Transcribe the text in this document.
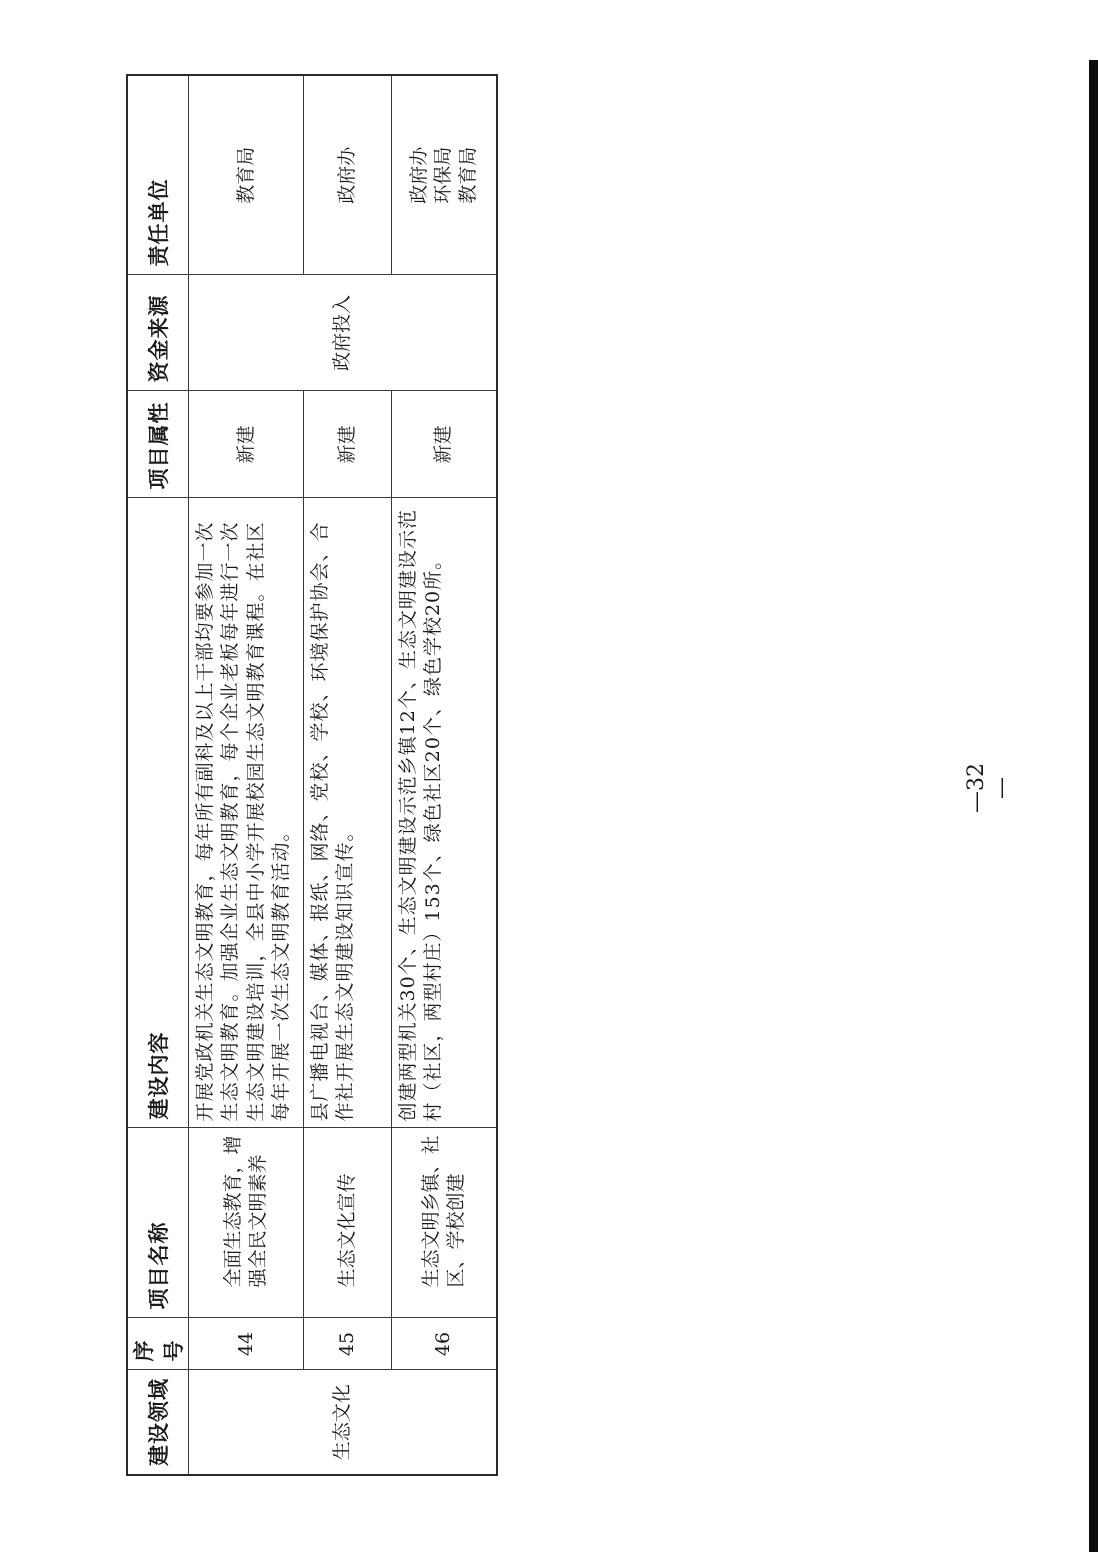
建设领域	序号	项目名称	建设内容	项目属性	资金来源	责任单位
生态文化	44	全面生态教育，增强全民文明素养	开展党政机关生态文明教育，每年所有副科及以上干部均要参加一次生态文明教育。加强企业生态文明教育，每个企业老板每年进行一次生态文明建设培训，全县中小学开展校园生态文明教育课程。在社区每年开展一次生态文明教育活动。	新建	政府投入	教育局

	45	生态文化宣传	县广播电视台、媒体、报纸、网络、党校、学校、环境保护协会、合作社开展生态文明建设知识宣传。	新建		政府办

	46	生态文明乡镇、社区、学校创建	创建两型机关30个、生态文明建设示范乡镇12个、生态文明建设示范村（社区，两型村庄）153个、绿色社区20个、绿色学校20所。	新建		政府办 环保局 教育局
—32—
